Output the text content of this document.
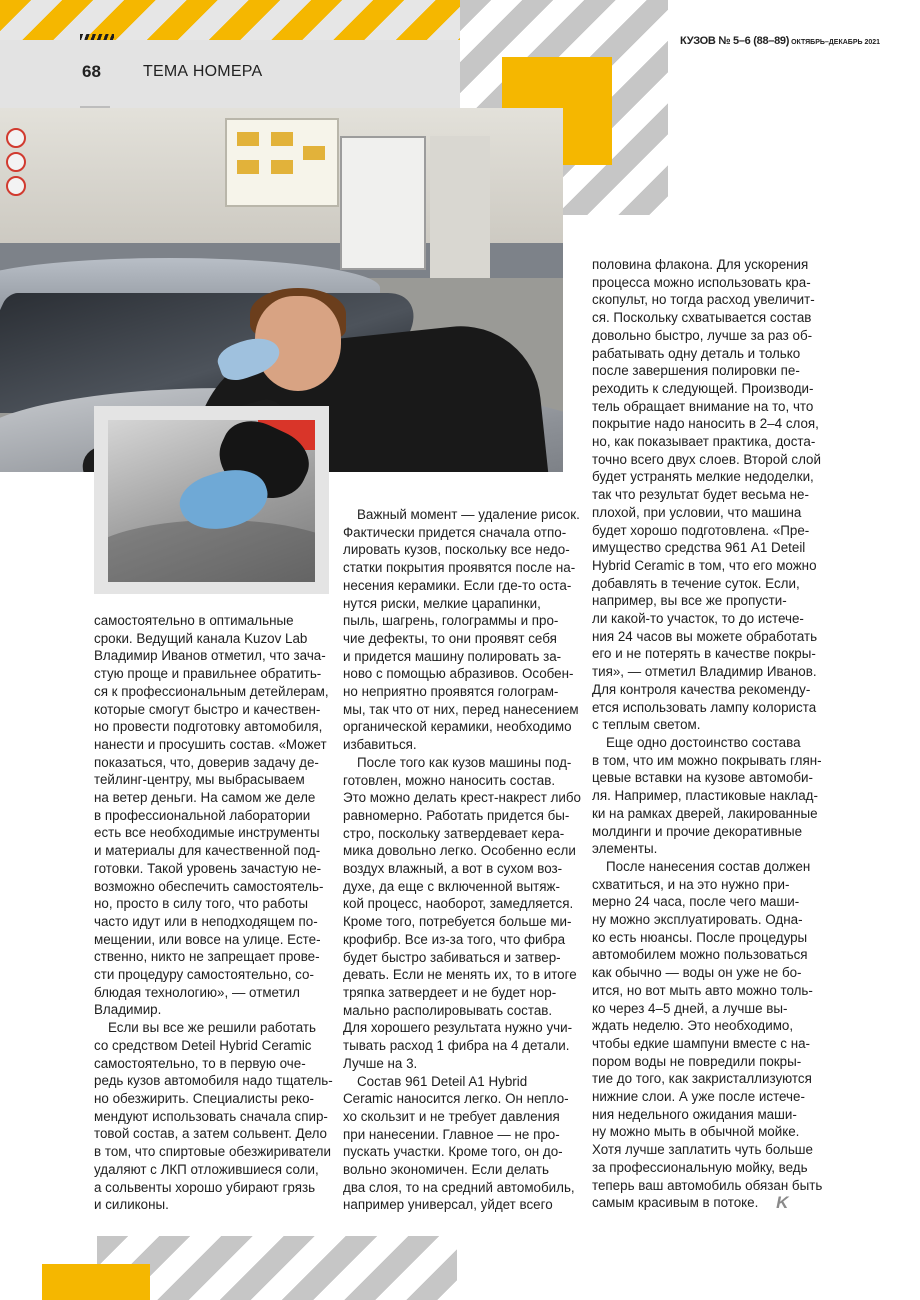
68	ТЕМА НОМЕРА
КУЗОВ № 5–6 (88–89) ОКТЯБРЬ–ДЕКАБРЬ 2021

самостоятельно в оптимальные
сроки. Ведущий канала Kuzov Lab
Владимир Иванов отметил, что зача-
стую проще и правильнее обратить-
ся к профессиональным детейлерам,
которые смогут быстро и качествен-
но провести подготовку автомобиля,
нанести и просушить состав. «Может
показаться, что, доверив задачу де-
тейлинг-центру, мы выбрасываем
на ветер деньги. На самом же деле
в профессиональной лаборатории
есть все необходимые инструменты
и материалы для качественной под-
готовки. Такой уровень зачастую не-
возможно обеспечить самостоятель-
но, просто в силу того, что работы
часто идут или в неподходящем по-
мещении, или вовсе на улице. Есте-
ственно, никто не запрещает прове-
сти процедуру самостоятельно, со-
блюдая технологию», — отметил
Владимир.

Если вы все же решили работать
со средством Deteil Hybrid Ceramic
самостоятельно, то в первую оче-
редь кузов автомобиля надо тщатель-
но обезжирить. Специалисты реко-
мендуют использовать сначала спир-
товой состав, а затем сольвент. Дело
в том, что спиртовые обезжириватели
удаляют с ЛКП отложившиеся соли,
а сольвенты хорошо убирают грязь
и силиконы.

Важный момент — удаление рисок.
Фактически придется сначала отпо-
лировать кузов, поскольку все недо-
статки покрытия проявятся после на-
несения керамики. Если где-то оста-
нутся риски, мелкие царапинки,
пыль, шагрень, голограммы и про-
чие дефекты, то они проявят себя
и придется машину полировать за-
ново с помощью абразивов. Особен-
но неприятно проявятся голограм-
мы, так что от них, перед нанесением
органической керамики, необходимо
избавиться.

После того как кузов машины под-
готовлен, можно наносить состав.
Это можно делать крест-накрест либо
равномерно. Работать придется бы-
стро, поскольку затвердевает кера-
мика довольно легко. Особенно если
воздух влажный, а вот в сухом воз-
духе, да еще с включенной вытяж-
кой процесс, наоборот, замедляется.
Кроме того, потребуется больше ми-
крофибр. Все из-за того, что фибра
будет быстро забиваться и затвер-
девать. Если не менять их, то в итоге
тряпка затвердеет и не будет нор-
мально располировывать состав.
Для хорошего результата нужно учи-
тывать расход 1 фибра на 4 детали.
Лучше на 3.

Состав 961 Deteil A1 Hybrid
Ceramic наносится легко. Он непло-
хо скользит и не требует давления
при нанесении. Главное — не про-
пускать участки. Кроме того, он до-
вольно экономичен. Если делать
два слоя, то на средний автомобиль,
например универсал, уйдет всего

половина флакона. Для ускорения
процесса можно использовать кра-
скопульт, но тогда расход увеличит-
ся. Поскольку схватывается состав
довольно быстро, лучше за раз об-
рабатывать одну деталь и только
после завершения полировки пе-
реходить к следующей. Производи-
тель обращает внимание на то, что
покрытие надо наносить в 2–4 слоя,
но, как показывает практика, доста-
точно всего двух слоев. Второй слой
будет устранять мелкие недоделки,
так что результат будет весьма не-
плохой, при условии, что машина
будет хорошо подготовлена. «Пре-
имущество средства 961 A1 Deteil
Hybrid Ceramic в том, что его можно
добавлять в течение суток. Если,
например, вы все же пропусти-
ли какой-то участок, то до истече-
ния 24 часов вы можете обработать
его и не потерять в качестве покры-
тия», — отметил Владимир Иванов.
Для контроля качества рекоменду-
ется использовать лампу колориста
с теплым светом.

Еще одно достоинство состава
в том, что им можно покрывать глян-
цевые вставки на кузове автомоби-
ля. Например, пластиковые наклад-
ки на рамках дверей, лакированные
молдинги и прочие декоративные
элементы.

После нанесения состав должен
схватиться, и на это нужно при-
мерно 24 часа, после чего маши-
ну можно эксплуатировать. Одна-
ко есть нюансы. После процедуры
автомобилем можно пользоваться
как обычно — воды он уже не бо-
ится, но вот мыть авто можно толь-
ко через 4–5 дней, а лучше вы-
ждать неделю. Это необходимо,
чтобы едкие шампуни вместе с на-
пором воды не повредили покры-
тие до того, как закристаллизуются
нижние слои. А уже после истече-
ния недельного ожидания маши-
ну можно мыть в обычной мойке.
Хотя лучше заплатить чуть больше
за профессиональную мойку, ведь
теперь ваш автомобиль обязан быть
самым красивым в потоке. K
